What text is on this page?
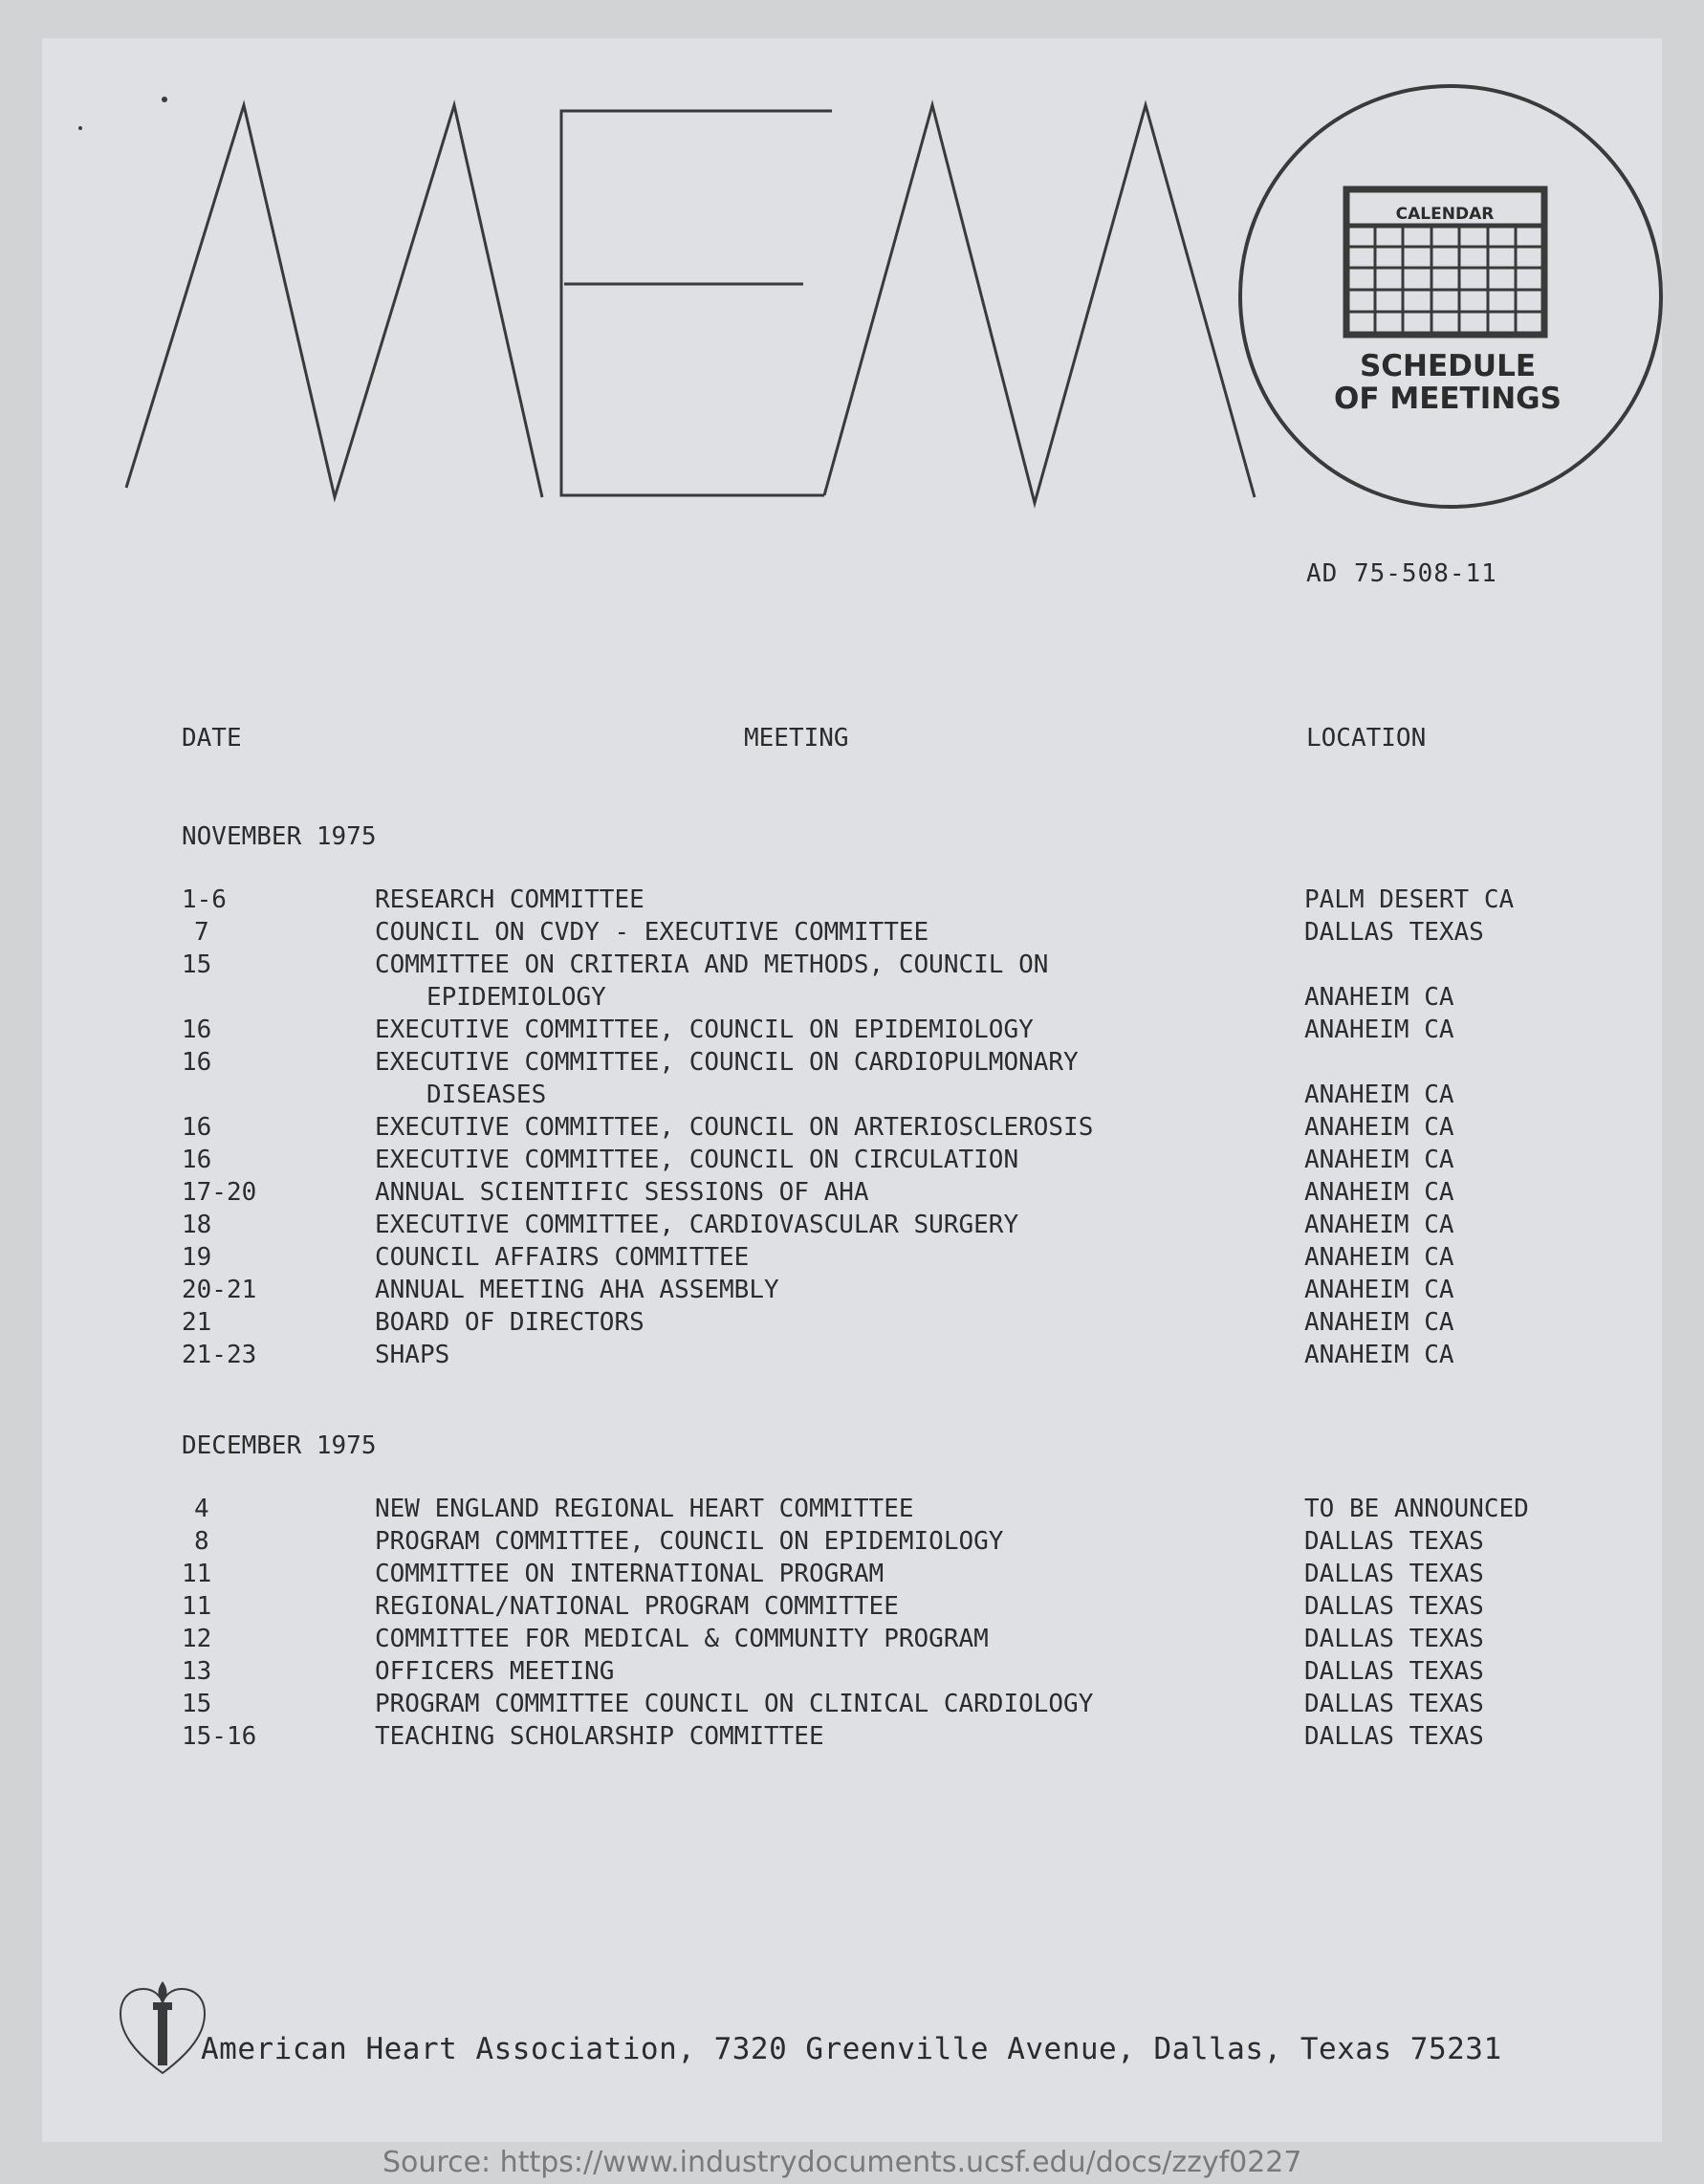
CALENDAR
SCHEDULE
OF MEETINGS
AD 75-508-11
DATE	MEETING	LOCATION
NOVEMBER 1975
1-6	RESEARCH COMMITTEE	PALM DESERT CA
7	COUNCIL ON CVDY - EXECUTIVE COMMITTEE	DALLAS TEXAS
15	COMMITTEE ON CRITERIA AND METHODS, COUNCIL ON
EPIDEMIOLOGY	ANAHEIM CA
16	EXECUTIVE COMMITTEE, COUNCIL ON EPIDEMIOLOGY	ANAHEIM CA
16	EXECUTIVE COMMITTEE, COUNCIL ON CARDIOPULMONARY
DISEASES	ANAHEIM CA
16	EXECUTIVE COMMITTEE, COUNCIL ON ARTERIOSCLEROSIS	ANAHEIM CA
16	EXECUTIVE COMMITTEE, COUNCIL ON CIRCULATION	ANAHEIM CA
17-20	ANNUAL SCIENTIFIC SESSIONS OF AHA	ANAHEIM CA
18	EXECUTIVE COMMITTEE, CARDIOVASCULAR SURGERY	ANAHEIM CA
19	COUNCIL AFFAIRS COMMITTEE	ANAHEIM CA
20-21	ANNUAL MEETING AHA ASSEMBLY	ANAHEIM CA
21	BOARD OF DIRECTORS	ANAHEIM CA
21-23	SHAPS	ANAHEIM CA
DECEMBER 1975
4	NEW ENGLAND REGIONAL HEART COMMITTEE	TO BE ANNOUNCED
8	PROGRAM COMMITTEE, COUNCIL ON EPIDEMIOLOGY	DALLAS TEXAS
11	COMMITTEE ON INTERNATIONAL PROGRAM	DALLAS TEXAS
11	REGIONAL/NATIONAL PROGRAM COMMITTEE	DALLAS TEXAS
12	COMMITTEE FOR MEDICAL & COMMUNITY PROGRAM	DALLAS TEXAS
13	OFFICERS MEETING	DALLAS TEXAS
15	PROGRAM COMMITTEE COUNCIL ON CLINICAL CARDIOLOGY	DALLAS TEXAS
15-16	TEACHING SCHOLARSHIP COMMITTEE	DALLAS TEXAS
American Heart Association, 7320 Greenville Avenue, Dallas, Texas 75231
Source: https://www.industrydocuments.ucsf.edu/docs/zzyf0227
